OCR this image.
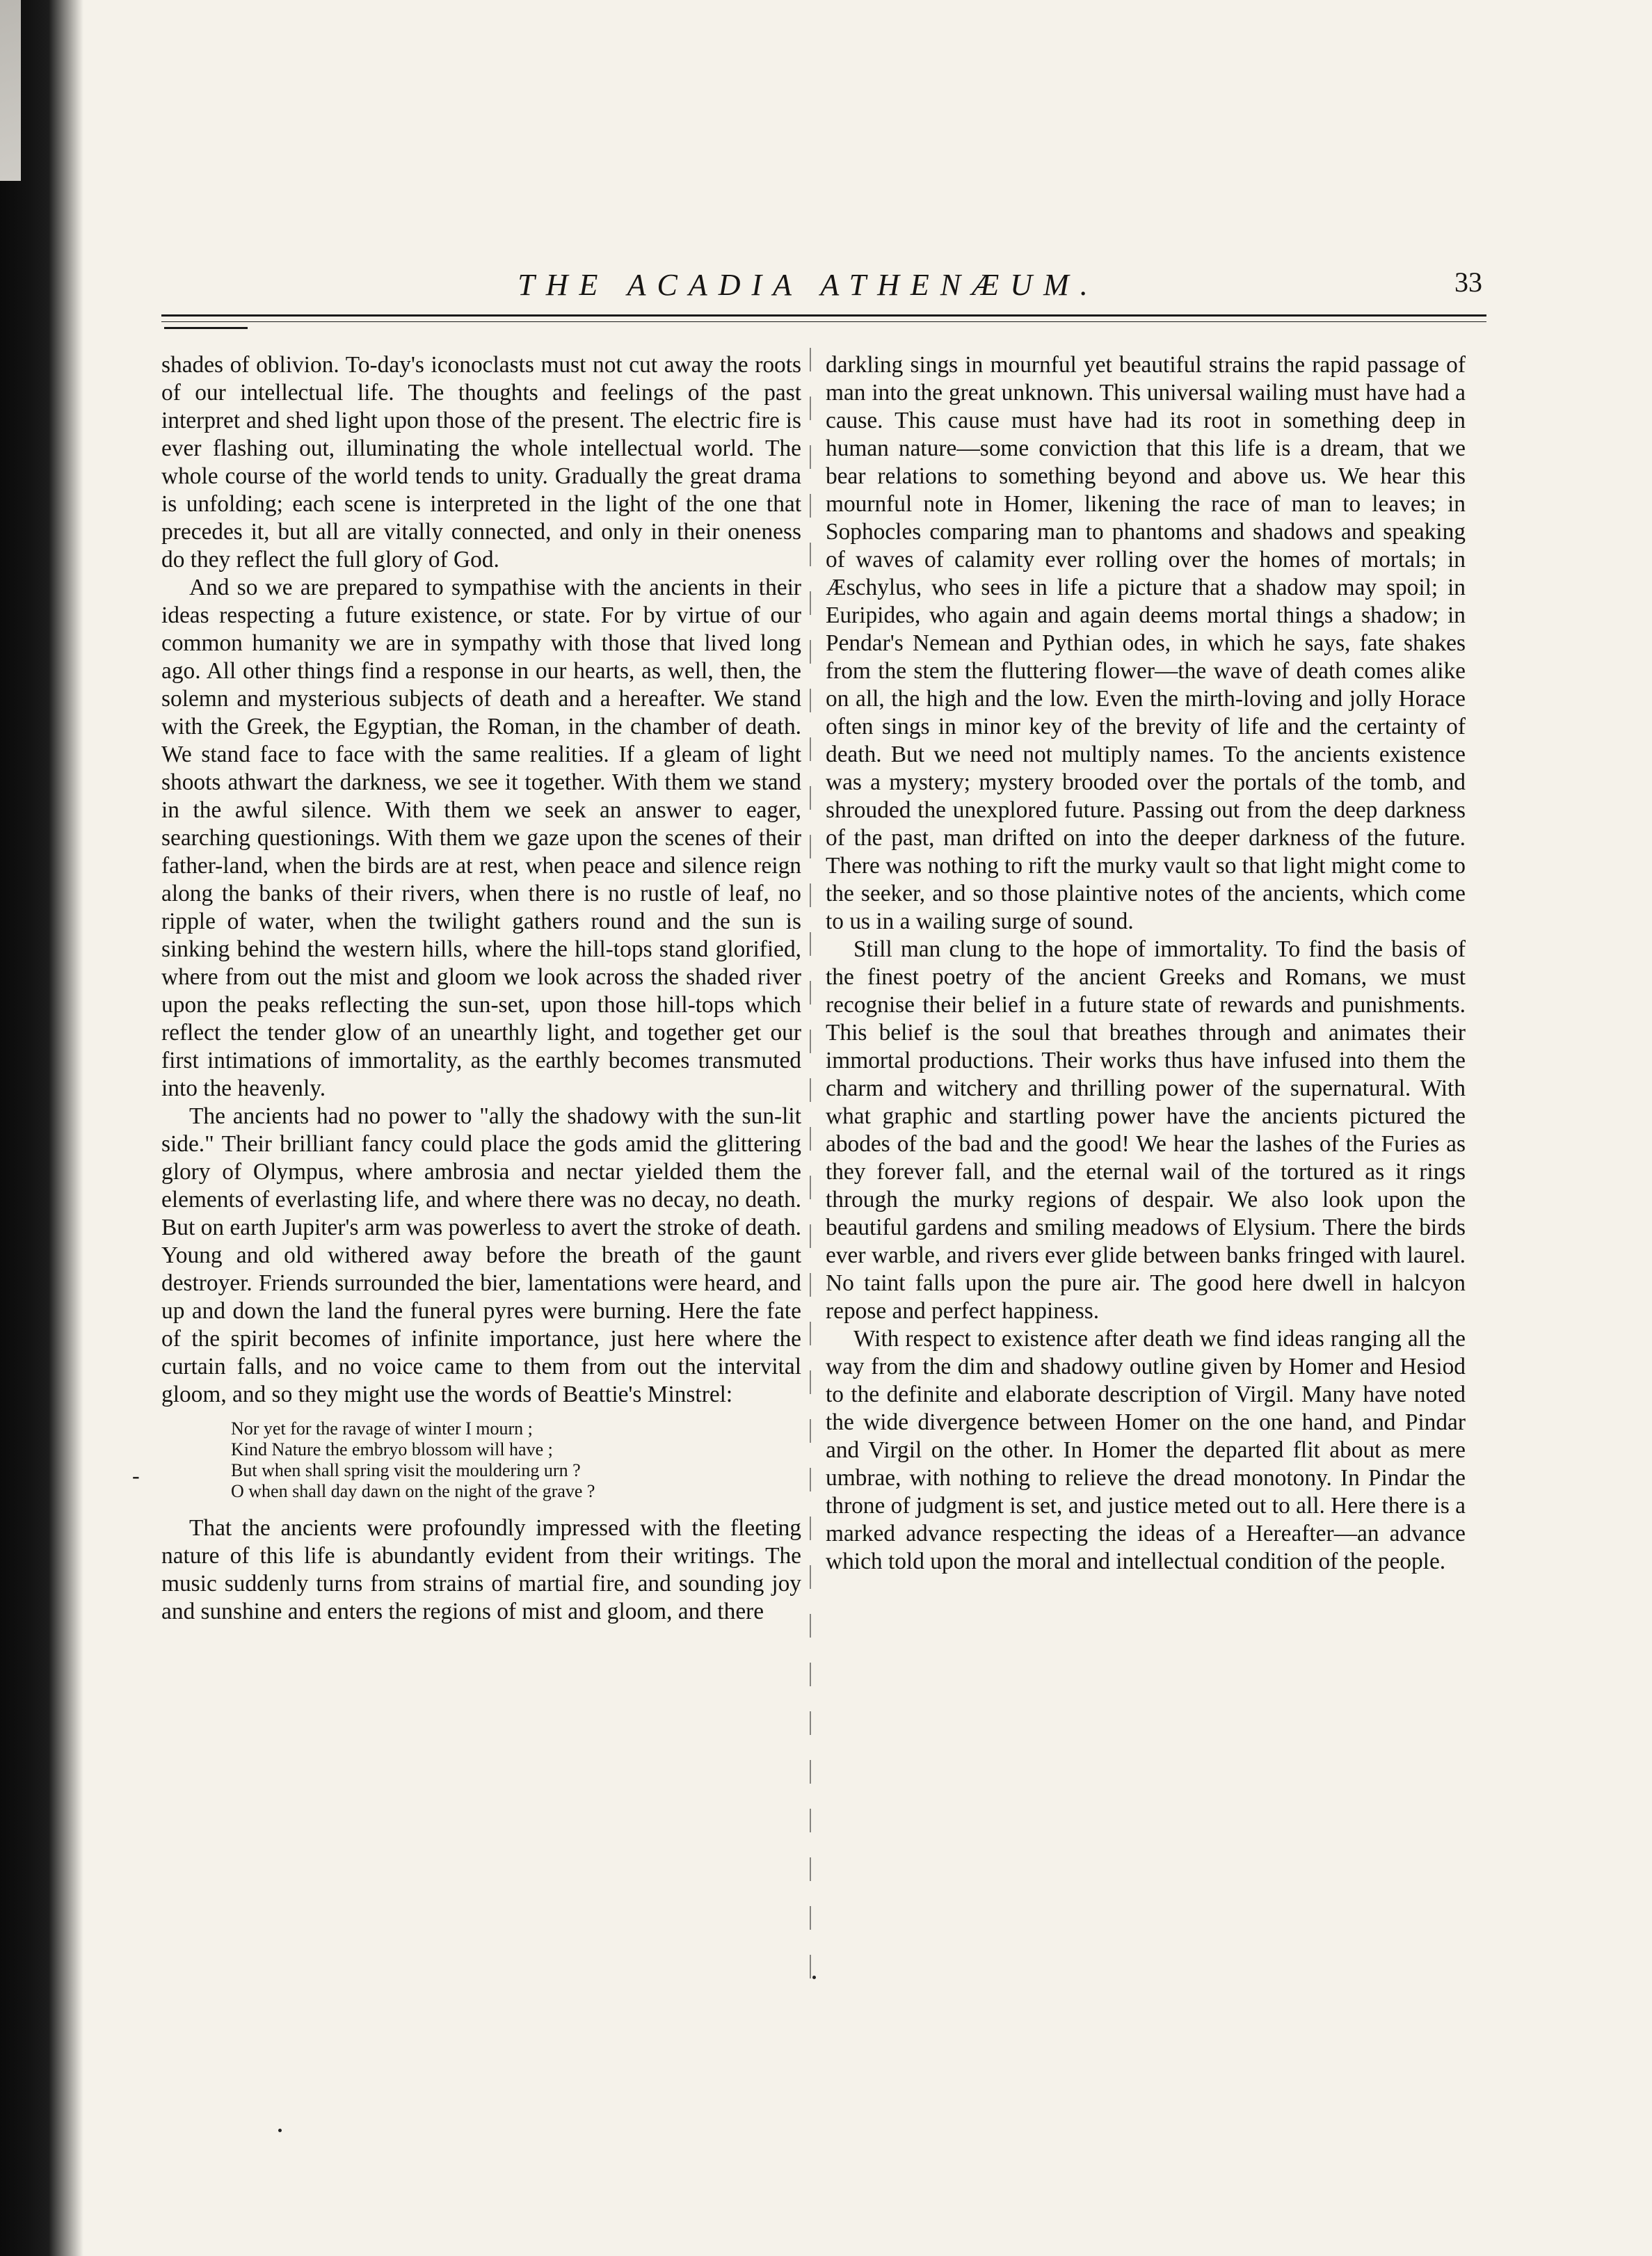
THE ACADIA ATHENÆUM.	33

shades of oblivion. To-day's iconoclasts must not cut away the roots of our intellectual life. The thoughts and feelings of the past interpret and shed light upon those of the present. The electric fire is ever flashing out, illuminating the whole intellectual world. The whole course of the world tends to unity. Gradually the great drama is unfolding; each scene is interpreted in the light of the one that precedes it, but all are vitally connected, and only in their oneness do they reflect the full glory of God.

And so we are prepared to sympathise with the ancients in their ideas respecting a future existence, or state. For by virtue of our common humanity we are in sympathy with those that lived long ago. All other things find a response in our hearts, as well, then, the solemn and mysterious subjects of death and a hereafter. We stand with the Greek, the Egyptian, the Roman, in the chamber of death. We stand face to face with the same realities. If a gleam of light shoots athwart the darkness, we see it together. With them we stand in the awful silence. With them we seek an answer to eager, searching questionings. With them we gaze upon the scenes of their father-land, when the birds are at rest, when peace and silence reign along the banks of their rivers, when there is no rustle of leaf, no ripple of water, when the twilight gathers round and the sun is sinking behind the western hills, where the hill-tops stand glorified, where from out the mist and gloom we look across the shaded river upon the peaks reflecting the sun-set, upon those hill-tops which reflect the tender glow of an unearthly light, and together get our first intimations of immortality, as the earthly becomes transmuted into the heavenly.

The ancients had no power to "ally the shadowy with the sun-lit side." Their brilliant fancy could place the gods amid the glittering glory of Olympus, where ambrosia and nectar yielded them the elements of everlasting life, and where there was no decay, no death. But on earth Jupiter's arm was powerless to avert the stroke of death. Young and old withered away before the breath of the gaunt destroyer. Friends surrounded the bier, lamentations were heard, and up and down the land the funeral pyres were burning. Here the fate of the spirit becomes of infinite importance, just here where the curtain falls, and no voice came to them from out the intervital gloom, and so they might use the words of Beattie's Minstrel:

Nor yet for the ravage of winter I mourn ;
Kind Nature the embryo blossom will have ;
But when shall spring visit the mouldering urn ?
O when shall day dawn on the night of the grave ?

That the ancients were profoundly impressed with the fleeting nature of this life is abundantly evident from their writings. The music suddenly turns from strains of martial fire, and sounding joy and sunshine and enters the regions of mist and gloom, and there

darkling sings in mournful yet beautiful strains the rapid passage of man into the great unknown. This universal wailing must have had a cause. This cause must have had its root in something deep in human nature—some conviction that this life is a dream, that we bear relations to something beyond and above us. We hear this mournful note in Homer, likening the race of man to leaves; in Sophocles comparing man to phantoms and shadows and speaking of waves of calamity ever rolling over the homes of mortals; in Æschylus, who sees in life a picture that a shadow may spoil; in Euripides, who again and again deems mortal things a shadow; in Pendar's Nemean and Pythian odes, in which he says, fate shakes from the stem the fluttering flower—the wave of death comes alike on all, the high and the low. Even the mirth-loving and jolly Horace often sings in minor key of the brevity of life and the certainty of death. But we need not multiply names. To the ancients existence was a mystery; mystery brooded over the portals of the tomb, and shrouded the unexplored future. Passing out from the deep darkness of the past, man drifted on into the deeper darkness of the future. There was nothing to rift the murky vault so that light might come to the seeker, and so those plaintive notes of the ancients, which come to us in a wailing surge of sound.

Still man clung to the hope of immortality. To find the basis of the finest poetry of the ancient Greeks and Romans, we must recognise their belief in a future state of rewards and punishments. This belief is the soul that breathes through and animates their immortal productions. Their works thus have infused into them the charm and witchery and thrilling power of the supernatural. With what graphic and startling power have the ancients pictured the abodes of the bad and the good! We hear the lashes of the Furies as they forever fall, and the eternal wail of the tortured as it rings through the murky regions of despair. We also look upon the beautiful gardens and smiling meadows of Elysium. There the birds ever warble, and rivers ever glide between banks fringed with laurel. No taint falls upon the pure air. The good here dwell in halcyon repose and perfect happiness.

With respect to existence after death we find ideas ranging all the way from the dim and shadowy outline given by Homer and Hesiod to the definite and elaborate description of Virgil. Many have noted the wide divergence between Homer on the one hand, and Pindar and Virgil on the other. In Homer the departed flit about as mere umbrae, with nothing to relieve the dread monotony. In Pindar the throne of judgment is set, and justice meted out to all. Here there is a marked advance respecting the ideas of a Hereafter—an advance which told upon the moral and intellectual condition of the people.

-
